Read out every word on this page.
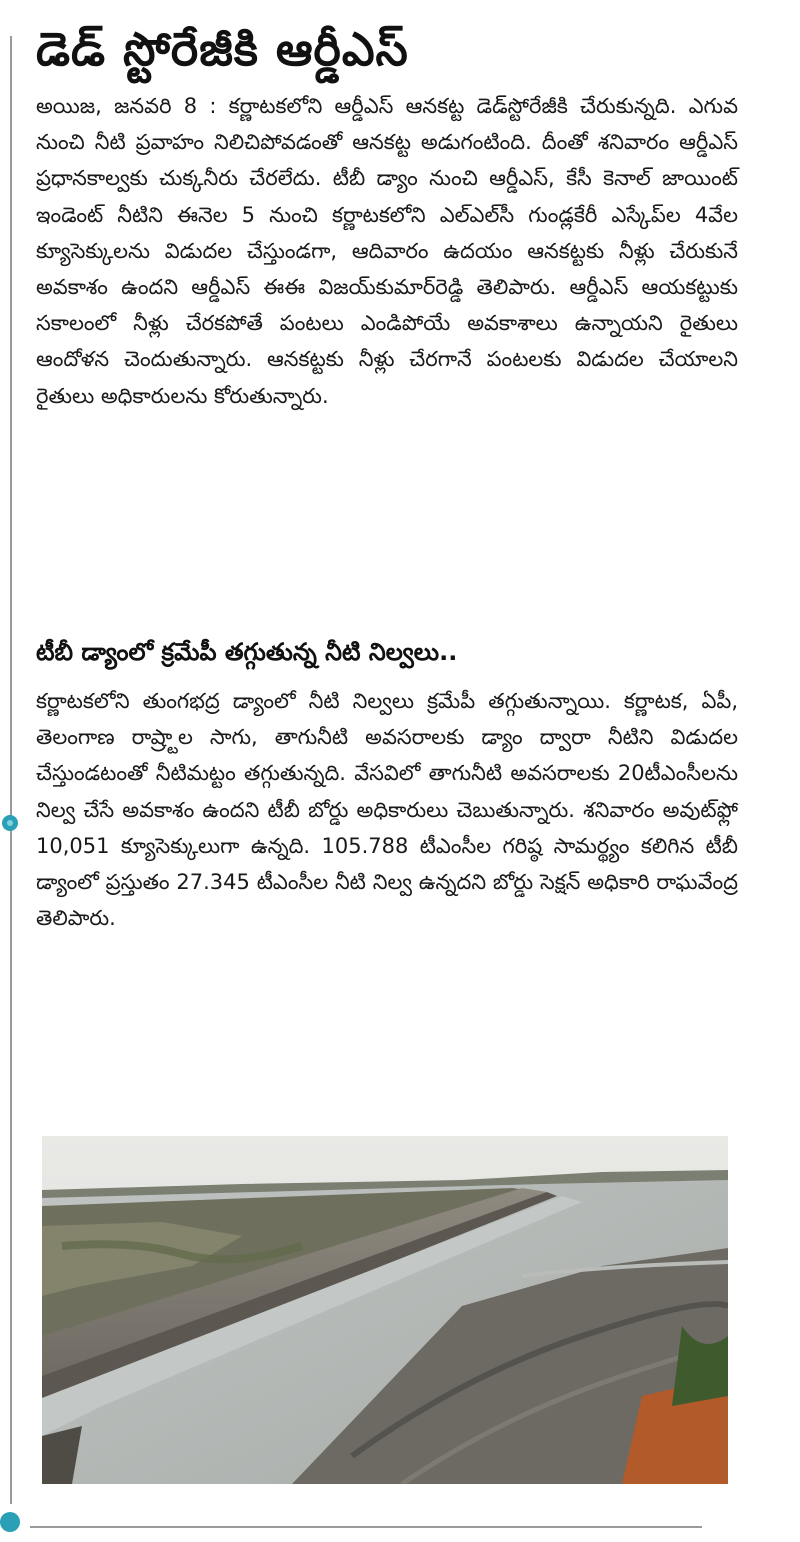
డెడ్ స్టోరేజీకి ఆర్డీఎస్

అయిజ, జనవరి 8 : కర్ణాటకలోని ఆర్డీఎస్ ఆనకట్ట డెడ్‌స్టోరేజీకి చేరుకున్నది. ఎగువ నుంచి నీటి ప్రవాహం నిలిచిపోవడంతో ఆనకట్ట అడుగంటింది. దీంతో శనివారం ఆర్డీఎస్ ప్రధానకాల్వకు చుక్కనీరు చేరలేదు. టీబీ డ్యాం నుంచి ఆర్డీఎస్, కేసీ కెనాల్ జాయింట్ ఇండెంట్ నీటిని ఈనెల 5 నుంచి కర్ణాటకలోని ఎల్‌ఎల్‌సీ గుండ్లకేరీ ఎస్కేప్‌ల 4వేల క్యూసెక్కులను విడుదల చేస్తుండగా, ఆదివారం ఉదయం ఆనకట్టకు నీళ్లు చేరుకునే అవకాశం ఉందని ఆర్డీఎస్ ఈఈ విజయ్‌కుమార్‌రెడ్డి తెలిపారు. ఆర్డీఎస్ ఆయకట్టుకు సకాలంలో నీళ్లు చేరకపోతే పంటలు ఎండిపోయే అవకాశాలు ఉన్నాయని రైతులు ఆందోళన చెందుతున్నారు. ఆనకట్టకు నీళ్లు చేరగానే పంటలకు విడుదల చేయాలని రైతులు అధికారులను కోరుతున్నారు.

టీబీ డ్యాంలో క్రమేపీ తగ్గుతున్న నీటి నిల్వలు..

కర్ణాటకలోని తుంగభద్ర డ్యాంలో నీటి నిల్వలు క్రమేపీ తగ్గుతున్నాయి. కర్ణాటక, ఏపీ, తెలంగాణ రాష్ర్టాల సాగు, తాగునీటి అవసరాలకు డ్యాం ద్వారా నీటిని విడుదల చేస్తుండటంతో నీటిమట్టం తగ్గుతున్నది. వేసవిలో తాగునీటి అవసరాలకు 20టీఎంసీలను నిల్వ చేసే అవకాశం ఉందని టీబీ బోర్డు అధికారులు చెబుతున్నారు. శనివారం అవుట్‌ఫ్లో 10,051 క్యూసెక్కులుగా ఉన్నది. 105.788 టీఎంసీల గరిష్ఠ సామర్థ్యం కలిగిన టీబీ డ్యాంలో ప్రస్తుతం 27.345 టీఎంసీల నీటి నిల్వ ఉన్నదని బోర్డు సెక్షన్ అధికారి రాఘవేంద్ర తెలిపారు.
